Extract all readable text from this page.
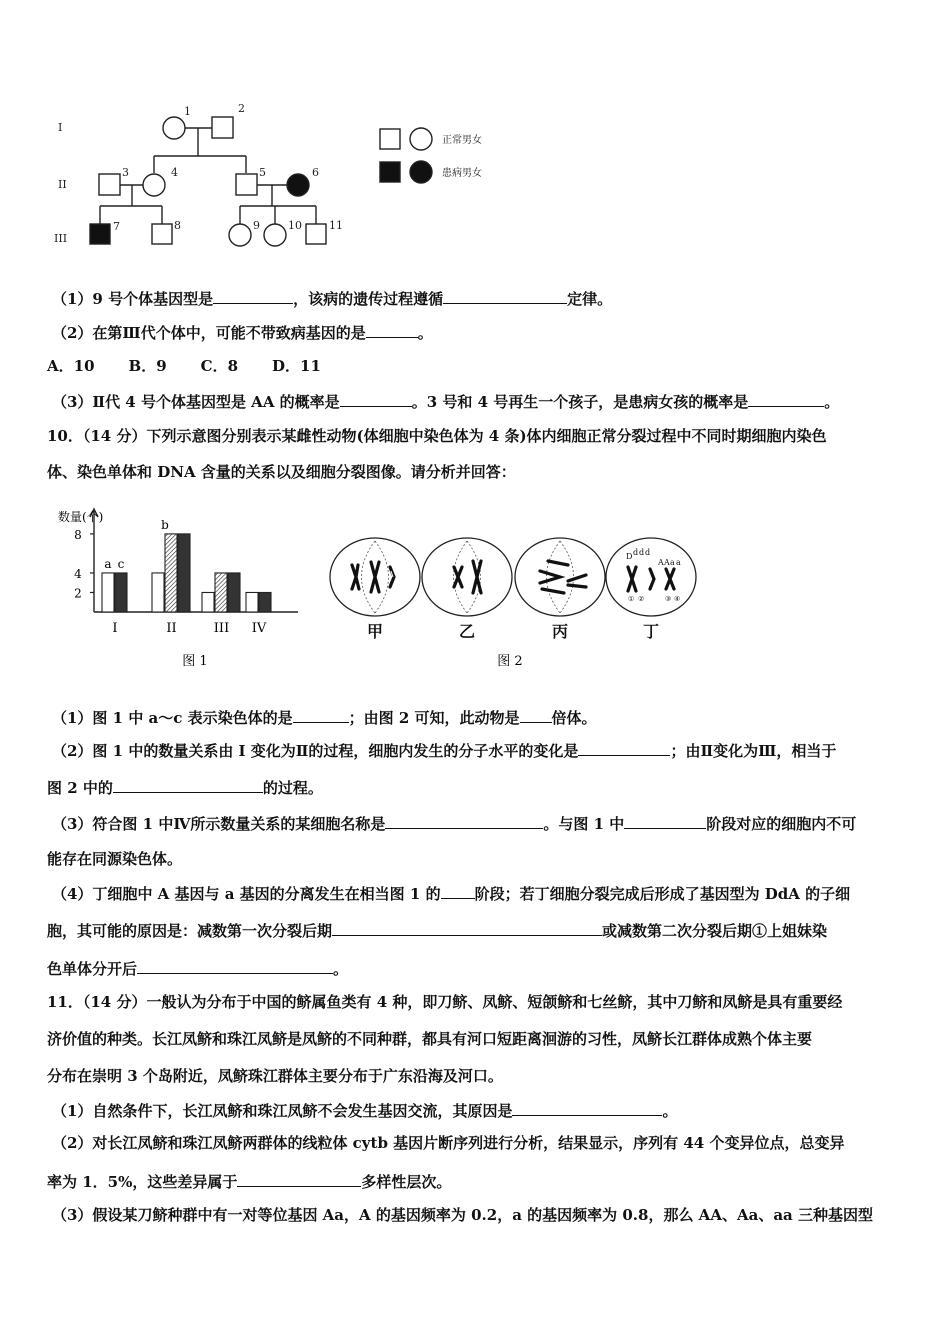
I
II
III
1	2
3	4	5	6
7	8	9	10 11
正常男女
患病男女
（1）9 号个体基因型是	，该病的遗传过程遵循	定律。
（2）在第Ⅲ代个体中，可能不带致病基因的是	。
A．10 B．9 C．8 D．11
（3）Ⅱ代 4 号个体基因型是 AA 的概率是	。3 号和 4 号再生一个孩子，是患病女孩的概率是	。
10．（14 分）下列示意图分别表示某雌性动物(体细胞中染色体为 4 条)体内细胞正常分裂过程中不同时期细胞内染色
体、染色单体和 DNA 含量的关系以及细胞分裂图像。请分析并回答：
数量(个)
2
4
8
I	II	III IV
a c
b
图 1
D d d d
A A a a
① ②	③ ④
甲	乙	丙	丁
图 2
（1）图 1 中 a～c 表示染色体的是	；由图 2 可知，此动物是 倍体。
（2）图 1 中的数量关系由 I 变化为Ⅱ的过程，细胞内发生的分子水平的变化是	；由Ⅱ变化为Ⅲ，相当于
图 2 中的	的过程。
（3）符合图 1 中Ⅳ所示数量关系的某细胞名称是	。与图 1 中	阶段对应的细胞内不可
能存在同源染色体。
（4）丁细胞中 A 基因与 a 基因的分离发生在相当图 1 的 阶段；若丁细胞分裂完成后形成了基因型为 DdA 的子细
胞，其可能的原因是：减数第一次分裂后期	或减数第二次分裂后期①上姐妹染
色单体分开后	。
11．（14 分）一般认为分布于中国的鲚属鱼类有 4 种，即刀鲚、凤鲚、短颌鲚和七丝鲚，其中刀鲚和凤鲚是具有重要经
济价值的种类。长江凤鲚和珠江凤鲚是凤鲚的不同种群，都具有河口短距离洄游的习性，凤鲚长江群体成熟个体主要
分布在崇明 3 个岛附近，凤鲚珠江群体主要分布于广东沿海及河口。
（1）自然条件下，长江凤鲚和珠江凤鲚不会发生基因交流，其原因是	。
（2）对长江凤鲚和珠江凤鲚两群体的线粒体 cytb 基因片断序列进行分析，结果显示，序列有 44 个变异位点，总变异
率为 1．5%，这些差异属于	多样性层次。
（3）假设某刀鲚种群中有一对等位基因 Aa，A 的基因频率为 0.2，a 的基因频率为 0.8，那么 AA、Aa、aa 三种基因型
